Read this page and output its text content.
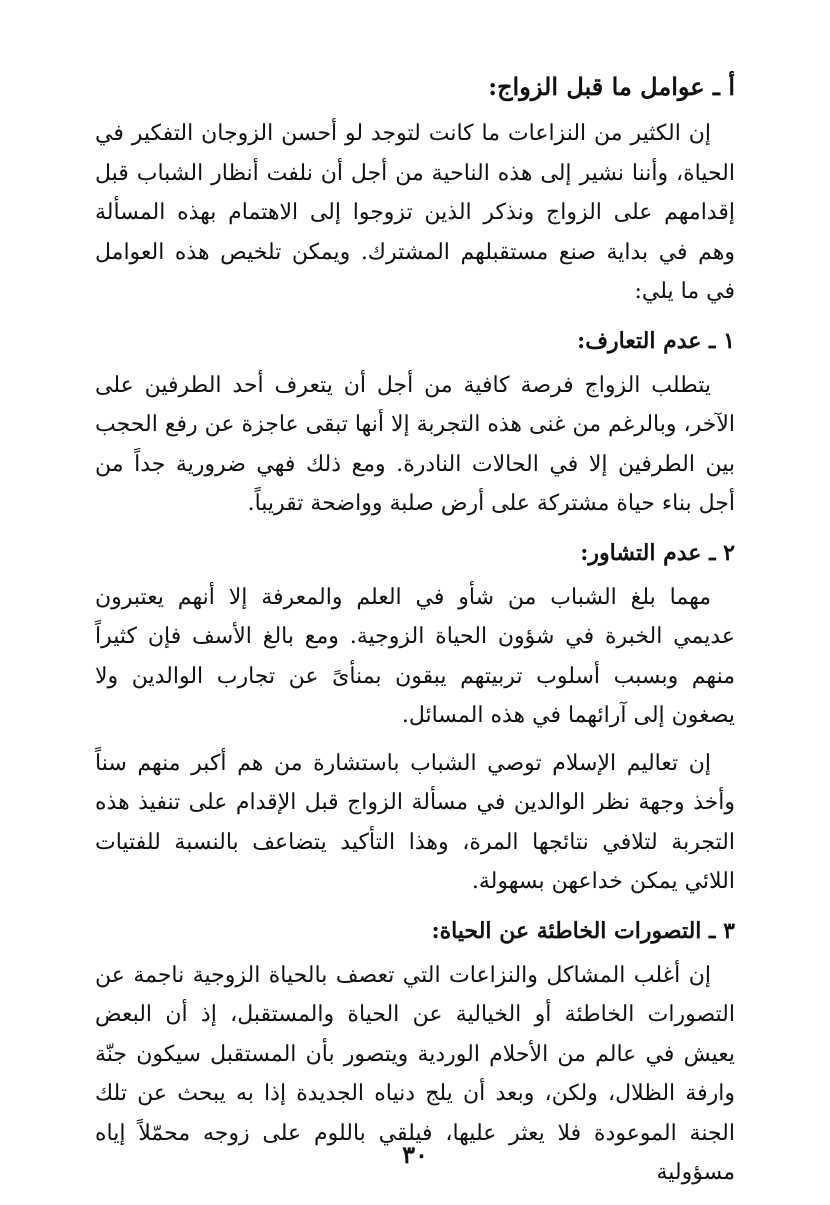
أ ـ عوامل ما قبل الزواج:

إن الكثير من النزاعات ما كانت لتوجد لو أحسن الزوجان التفكير في الحياة، وأننا نشير إلى هذه الناحية من أجل أن نلفت أنظار الشباب قبل إقدامهم على الزواج ونذكر الذين تزوجوا إلى الاهتمام بهذه المسألة وهم في بداية صنع مستقبلهم المشترك. ويمكن تلخيص هذه العوامل في ما يلي:

١ ـ عدم التعارف:

يتطلب الزواج فرصة كافية من أجل أن يتعرف أحد الطرفين على الآخر، وبالرغم من غنى هذه التجربة إلا أنها تبقى عاجزة عن رفع الحجب بين الطرفين إلا في الحالات النادرة. ومع ذلك فهي ضرورية جداً من أجل بناء حياة مشتركة على أرض صلبة وواضحة تقريباً.

٢ ـ عدم التشاور:

مهما بلغ الشباب من شأو في العلم والمعرفة إلا أنهم يعتبرون عديمي الخبرة في شؤون الحياة الزوجية. ومع بالغ الأسف فإن كثيراً منهم وبسبب أسلوب تربيتهم يبقون بمنأىً عن تجارب الوالدين ولا يصغون إلى آرائهما في هذه المسائل.

إن تعاليم الإسلام توصي الشباب باستشارة من هم أكبر منهم سناً وأخذ وجهة نظر الوالدين في مسألة الزواج قبل الإقدام على تنفيذ هذه التجربة لتلافي نتائجها المرة، وهذا التأكيد يتضاعف بالنسبة للفتيات اللائي يمكن خداعهن بسهولة.

٣ ـ التصورات الخاطئة عن الحياة:

إن أغلب المشاكل والنزاعات التي تعصف بالحياة الزوجية ناجمة عن التصورات الخاطئة أو الخيالية عن الحياة والمستقبل، إذ أن البعض يعيش في عالم من الأحلام الوردية ويتصور بأن المستقبل سيكون جنّة وارفة الظلال، ولكن، وبعد أن يلج دنياه الجديدة إذا به يبحث عن تلك الجنة الموعودة فلا يعثر عليها، فيلقي باللوم على زوجه محمّلاً إياه مسؤولية

٣٠
